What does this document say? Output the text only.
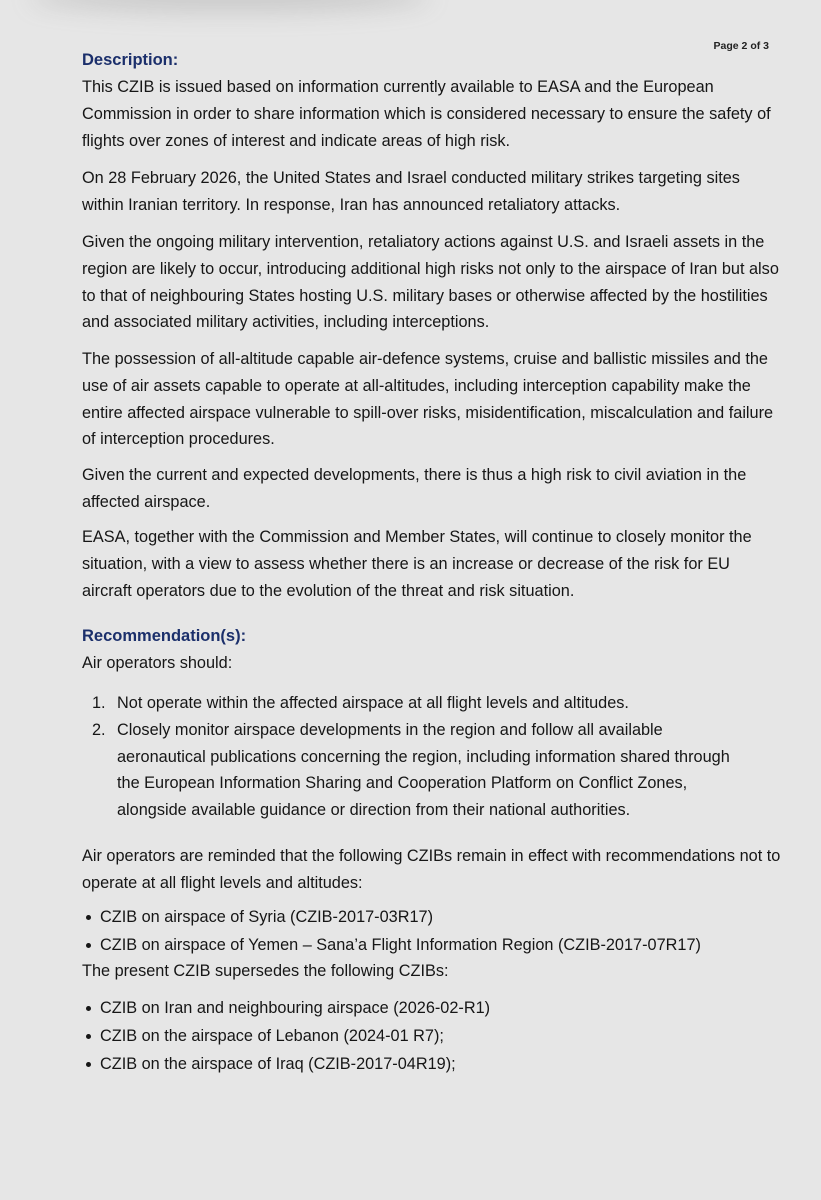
Page 2 of 3
Description:

This CZIB is issued based on information currently available to EASA and the European Commission in order to share information which is considered necessary to ensure the safety of flights over zones of interest and indicate areas of high risk.

On 28 February 2026, the United States and Israel conducted military strikes targeting sites within Iranian territory. In response, Iran has announced retaliatory attacks.

Given the ongoing military intervention, retaliatory actions against U.S. and Israeli assets in the region are likely to occur, introducing additional high risks not only to the airspace of Iran but also to that of neighbouring States hosting U.S. military bases or otherwise affected by the hostilities and associated military activities, including interceptions.

The possession of all-altitude capable air-defence systems, cruise and ballistic missiles and the use of air assets capable to operate at all-altitudes, including interception capability make the entire affected airspace vulnerable to spill-over risks, misidentification, miscalculation and failure of interception procedures.

Given the current and expected developments, there is thus a high risk to civil aviation in the affected airspace.

EASA, together with the Commission and Member States, will continue to closely monitor the situation, with a view to assess whether there is an increase or decrease of the risk for EU aircraft operators due to the evolution of the threat and risk situation.

Recommendation(s):

Air operators should:

1. Not operate within the affected airspace at all flight levels and altitudes.
2. Closely monitor airspace developments in the region and follow all available aeronautical publications concerning the region, including information shared through the European Information Sharing and Cooperation Platform on Conflict Zones, alongside available guidance or direction from their national authorities.

Air operators are reminded that the following CZIBs remain in effect with recommendations not to operate at all flight levels and altitudes:

CZIB on airspace of Syria (CZIB-2017-03R17)
CZIB on airspace of Yemen – Sana’a Flight Information Region (CZIB-2017-07R17)

The present CZIB supersedes the following CZIBs:

CZIB on Iran and neighbouring airspace (2026-02-R1)
CZIB on the airspace of Lebanon (2024-01 R7);
CZIB on the airspace of Iraq (CZIB-2017-04R19);
